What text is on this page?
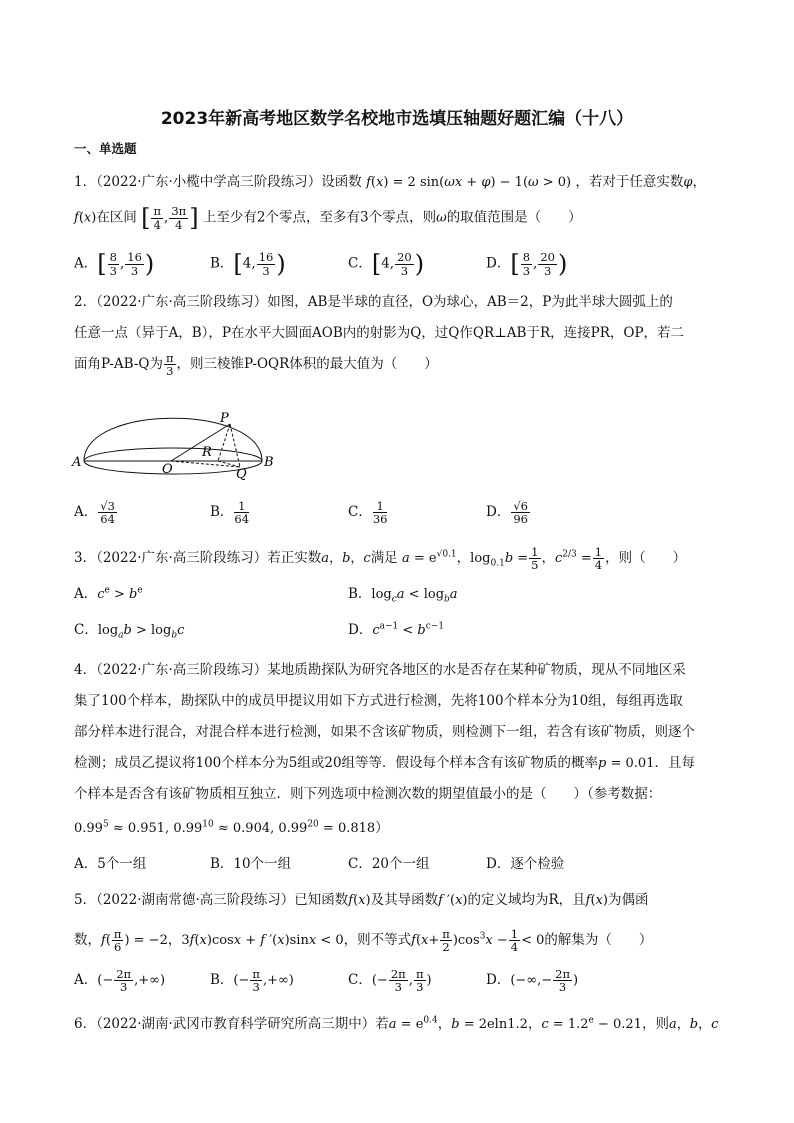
2023年新高考地区数学名校地市选填压轴题好题汇编（十八）
一、单选题
1．（2022·广东·小榄中学高三阶段练习）设函数 f(x) = 2 sin(ωx + φ) − 1(ω > 0) ，若对于任意实数φ，
f(x)在区间 [ $\frac{\pi}{4}$ , $\frac{3\pi}{4}$ ] 上至少有2个零点，至多有3个零点，则ω的取值范围是（　　）
A．[ $\frac{8}{3}$ , $\frac{16}{3}$ )	B．[4, $\frac{16}{3}$ )	C．[4, $\frac{20}{3}$ )	D．[ $\frac{8}{3}$ , $\frac{20}{3}$ )
2．（2022·广东·高三阶段练习）如图，AB是半球的直径，O为球心，AB＝2，P为此半球大圆弧上的
任意一点（异于A，B），P在水平大圆面AOB内的射影为Q，过Q作QR⊥AB于R，连接PR，OP，若二
面角P-AB-Q为 $\frac{\pi}{3}$ ，则三棱锥P-OQR体积的最大值为（　　）
A	B
O
P
Q
R
A． $\frac{√3}{64}$	B． $\frac{1}{64}$	C． $\frac{1}{36}$	D． $\frac{√6}{96}$
3．（2022·广东·高三阶段练习）若正实数a，b，c满足 $a = e^{√0.1}$，$\log_{0.1}b = \frac{1}{5}$ ，$c^{2/3} = \frac{1}{4}$ ，则（　　）
A．$c^e > b^e$	B．$\log_ca < \log_ba$
C．$\log_ab > \log_bc$	D．$c^{a-1} < b^{c-1}$
4．（2022·广东·高三阶段练习）某地质勘探队为研究各地区的水是否存在某种矿物质，现从不同地区采
集了100个样本，勘探队中的成员甲提议用如下方式进行检测，先将100个样本分为10组，每组再选取
部分样本进行混合，对混合样本进行检测，如果不含该矿物质，则检测下一组，若含有该矿物质，则逐个
检测；成员乙提议将100个样本分为5组或20组等等．假设每个样本含有该矿物质的概率p = 0.01．且每
个样本是否含有该矿物质相互独立．则下列选项中检测次数的期望值最小的是（　　）（参考数据：
$0.99^5 \approx 0.951$, $0.99^{10} \approx 0.904$, $0.99^{20} = 0.818$）
A．5个一组	B．10个一组	C．20个一组	D．逐个检验
5．（2022·湖南常德·高三阶段练习）已知函数f(x)及其导函数f ′(x)的定义域均为R，且f(x)为偶函
数，$f( \frac{\pi}{6}$ ) = −2，3f(x)cosx + f ′(x)sinx < 0，则不等式$f(x+ \frac{\pi}{2} )\cos^3x - \frac{1}{4} < 0$的解集为（　　）
A．(− $\frac{2\pi}{3}$ ,+∞)	B．(− $\frac{\pi}{3}$ ,+∞)	C．(− $\frac{2\pi}{3}$ , $\frac{\pi}{3}$ )	D．(−∞,− $\frac{2\pi}{3}$ )
6．（2022·湖南·武冈市教育科学研究所高三期中）若$a = e^{0.4}$，b = 2eln1.2，c = 1.2$^e$ − 0.21，则a，b，c
